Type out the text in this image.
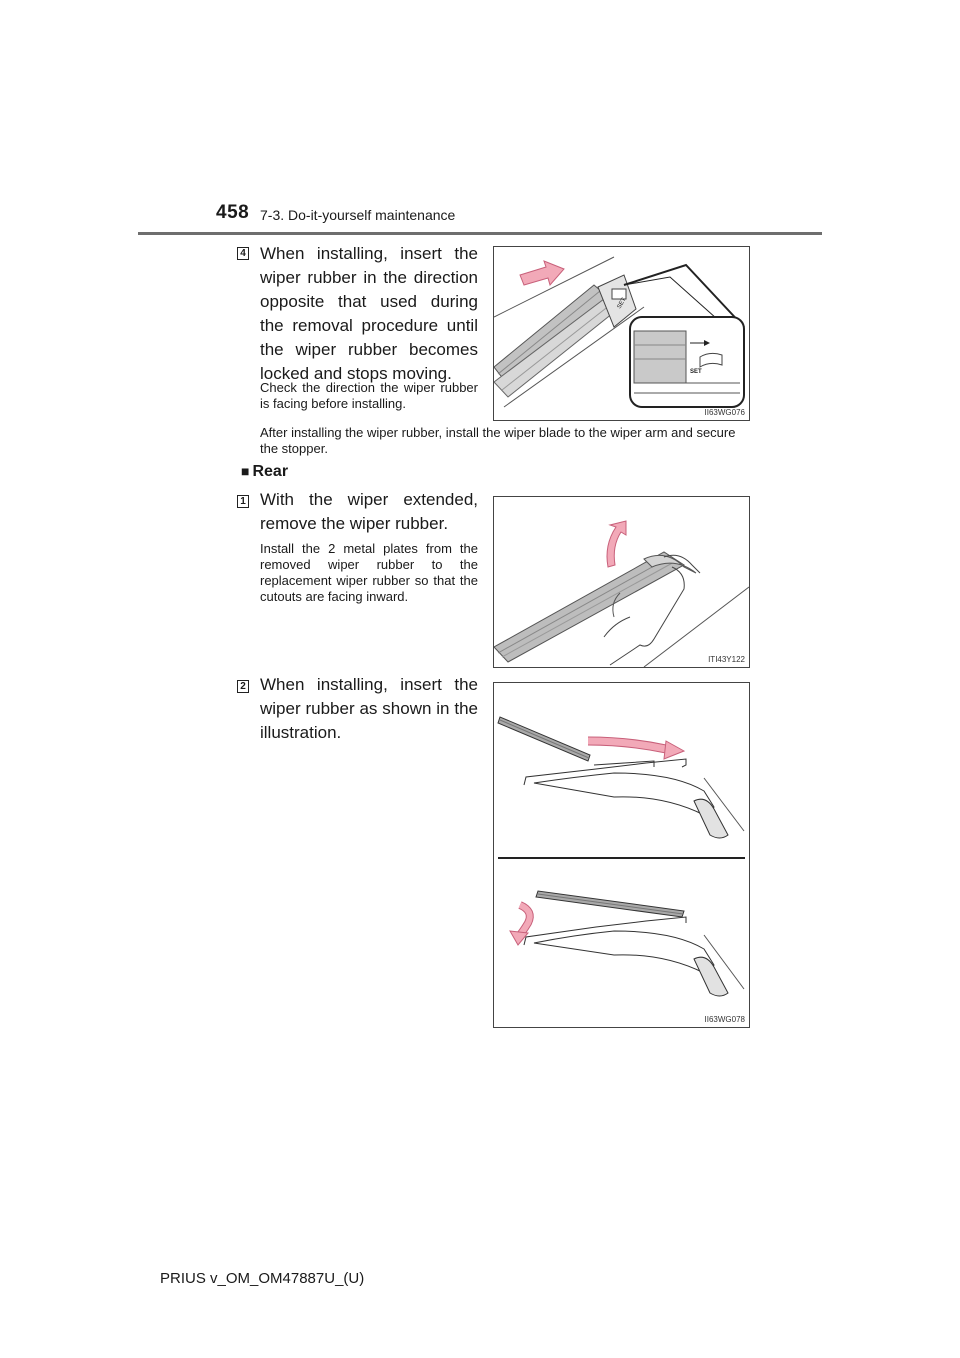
458 7-3. Do-it-yourself maintenance
4 When installing, insert the wiper rubber in the direction opposite that used during the removal procedure until the wiper rubber becomes locked and stops moving.
Check the direction the wiper rubber is facing before installing.
SET
SET
II63WG076
After installing the wiper rubber, install the wiper blade to the wiper arm and secure the stopper.
■ Rear
1 With the wiper extended, remove the wiper rubber.
Install the 2 metal plates from the removed wiper rubber to the replacement wiper rubber so that the cutouts are facing inward.
ITI43Y122
2 When installing, insert the wiper rubber as shown in the illustration.
II63WG078
PRIUS v_OM_OM47887U_(U)
